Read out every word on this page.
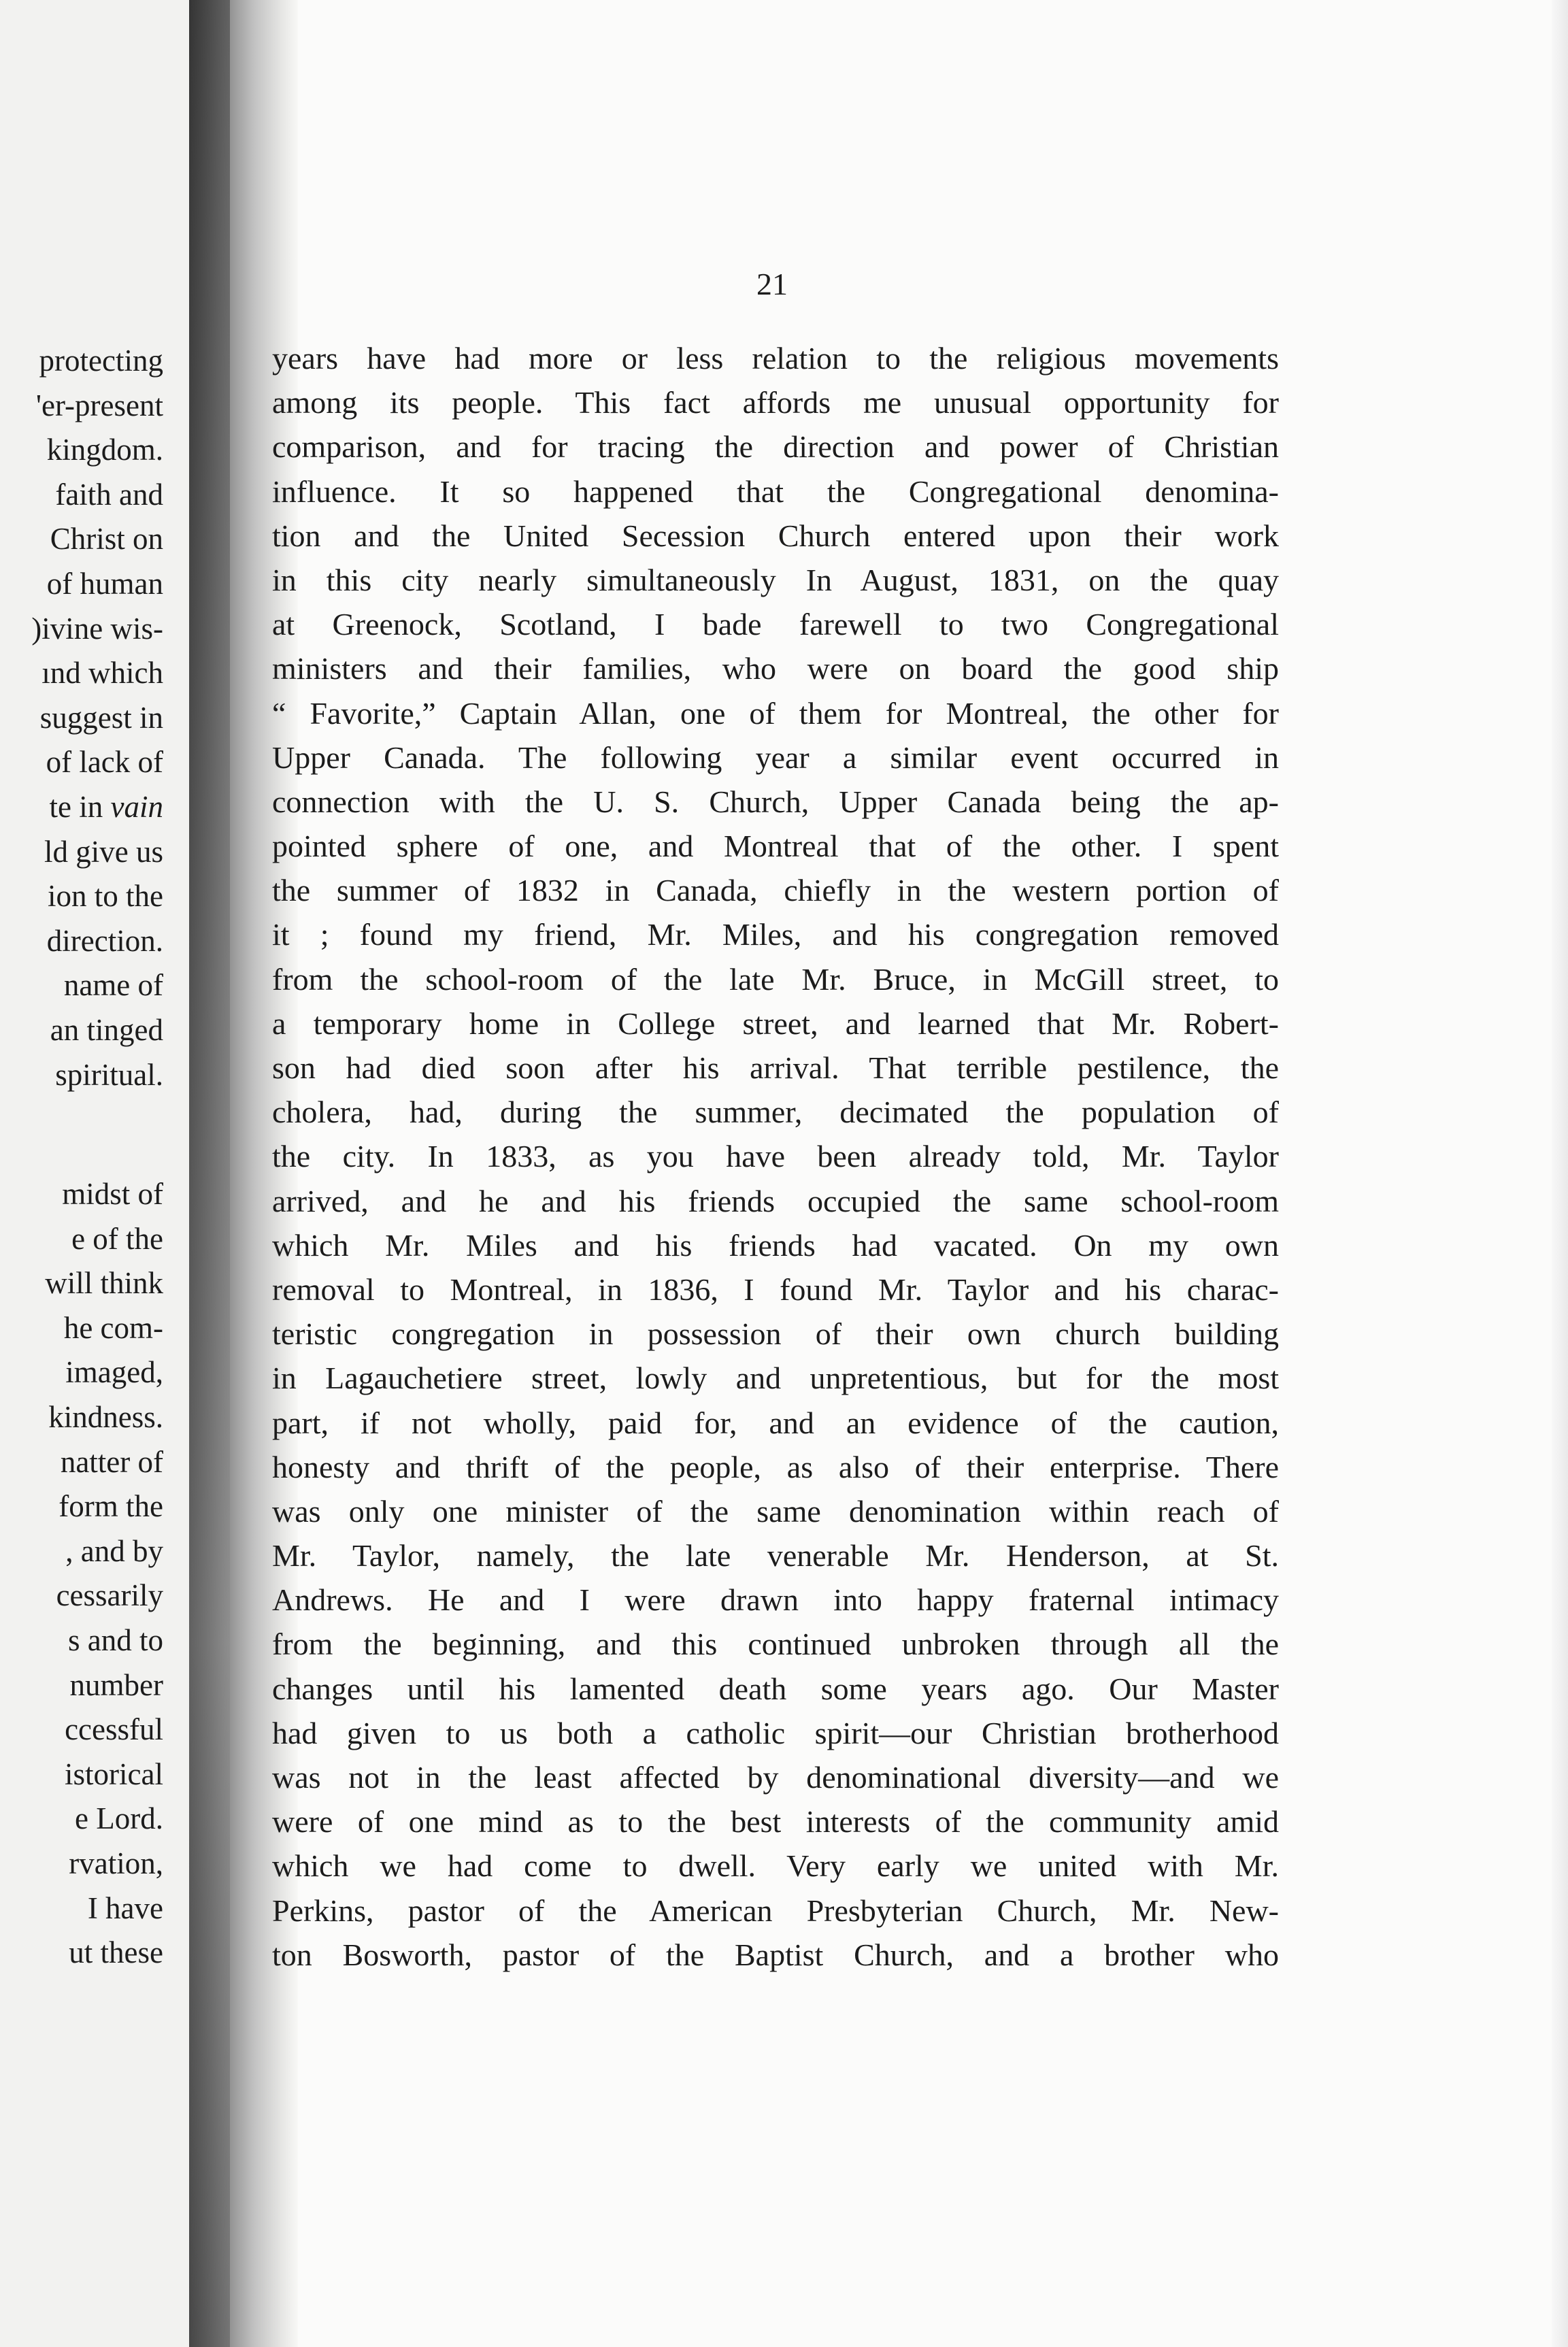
protecting
'er-present
kingdom.
faith and
Christ on
of human
)ivine wis-
ınd which
suggest in
of lack of
te in vain
ld give us
ion to the
direction.
name of
an tinged
spiritual.
midst of
e of the
will think
he com-
imaged,
kindness.
natter of
form the
, and by
cessarily
s and to
number
ccessful
istorical
e Lord.
rvation,
I have
ut these
21
years have had more or less relation to the religious movements
among its people. This fact affords me unusual opportunity for
comparison, and for tracing the direction and power of Christian
influence. It so happened that the Congregational denomina-
tion and the United Secession Church entered upon their work
in this city nearly simultaneously In August, 1831, on the quay
at Greenock, Scotland, I bade farewell to two Congregational
ministers and their families, who were on board the good ship
“ Favorite,” Captain Allan, one of them for Montreal, the other for
Upper Canada. The following year a similar event occurred in
connection with the U. S. Church, Upper Canada being the ap-
pointed sphere of one, and Montreal that of the other. I spent
the summer of 1832 in Canada, chiefly in the western portion of
it ; found my friend, Mr. Miles, and his congregation removed
from the school-room of the late Mr. Bruce, in McGill street, to
a temporary home in College street, and learned that Mr. Robert-
son had died soon after his arrival. That terrible pestilence, the
cholera, had, during the summer, decimated the population of
the city. In 1833, as you have been already told, Mr. Taylor
arrived, and he and his friends occupied the same school-room
which Mr. Miles and his friends had vacated. On my own
removal to Montreal, in 1836, I found Mr. Taylor and his charac-
teristic congregation in possession of their own church building
in Lagauchetiere street, lowly and unpretentious, but for the most
part, if not wholly, paid for, and an evidence of the caution,
honesty and thrift of the people, as also of their enterprise. There
was only one minister of the same denomination within reach of
Mr. Taylor, namely, the late venerable Mr. Henderson, at St.
Andrews. He and I were drawn into happy fraternal intimacy
from the beginning, and this continued unbroken through all the
changes until his lamented death some years ago. Our Master
had given to us both a catholic spirit—our Christian brotherhood
was not in the least affected by denominational diversity—and we
were of one mind as to the best interests of the community amid
which we had come to dwell. Very early we united with Mr.
Perkins, pastor of the American Presbyterian Church, Mr. New-
ton Bosworth, pastor of the Baptist Church, and a brother who
